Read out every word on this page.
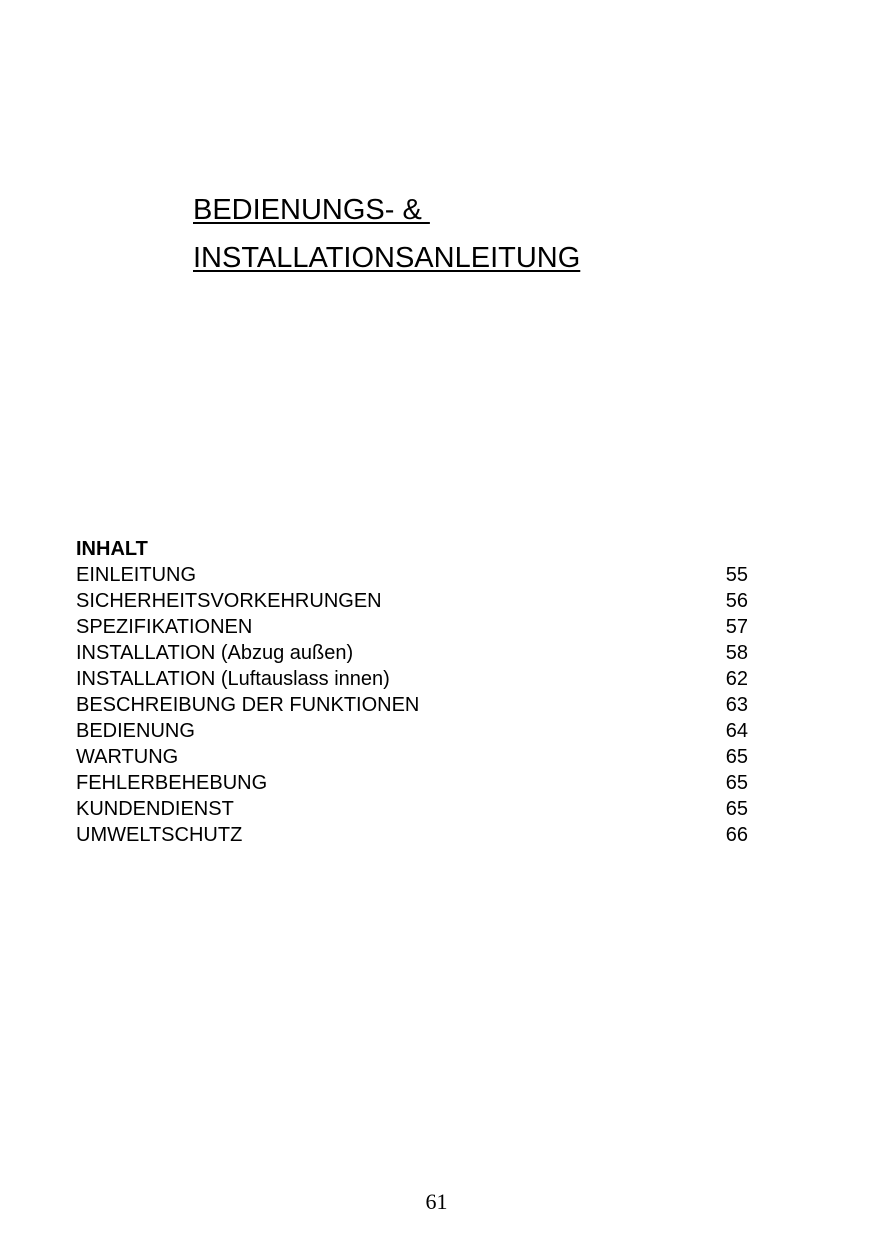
BEDIENUNGS- &
INSTALLATIONSANLEITUNG
INHALT
EINLEITUNG	55
SICHERHEITSVORKEHRUNGEN	56
SPEZIFIKATIONEN	57
INSTALLATION (Abzug außen)	58
INSTALLATION (Luftauslass innen)	62
BESCHREIBUNG DER FUNKTIONEN	63
BEDIENUNG	64
WARTUNG	65
FEHLERBEHEBUNG	65
KUNDENDIENST	65
UMWELTSCHUTZ	66
61
